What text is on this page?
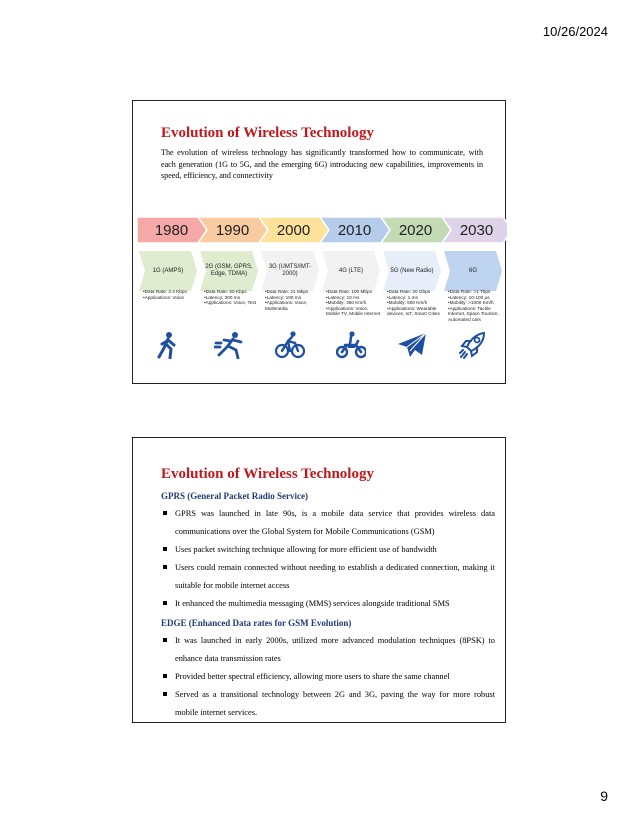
10/26/2024
Evolution of Wireless Technology
The evolution of wireless technology has significantly transformed how to communicate, with each generation (1G to 5G, and the emerging 6G) introducing new capabilities, improvements in speed, efficiency, and connectivity
1980 1990 2000 2010 2020 2030
1G (AMPS)
2G (GSM, GPRS, Edge, TDMA)
3G (UMTS/IMT-2000)
4G (LTE)	5G (New Radio)	6G
•Data Rate: 2.4 Kbps
•Applications: Voice
•Data Rate: 50 Kbps
•Latency: 300 ms
•Applications: Voice, Text
•Data Rate: 21 Mbps
•Latency: 100 ms
•Applications: Voice, Multimedia
•Data Rate: 100 Mbps
•Latency: 10 ms
•Mobility: 350 Km/h
•Applications: Voice, Mobile TV, Mobile Internet
•Data Rate: 20 Gbps
•Latency: 1 ms
•Mobility: 500 Km/h
•Applications: Wearable devices, IoT, Smart Cities
•Data Rate: >1 Tbps
•Latency: 10-100 μs
•Mobility: >1000 Km/h
•Applications: Tactile Internet, Space Tourism, Automated cars
Evolution of Wireless Technology
GPRS (General Packet Radio Service)
GPRS was launched in late 90s, is a mobile data service that provides wireless data communications over the Global System for Mobile Communications (GSM)
Uses packet switching technique allowing for more efficient use of bandwidth
Users could remain connected without needing to establish a dedicated connection, making it suitable for mobile internet access
It enhanced the multimedia messaging (MMS) services alongside traditional SMS
EDGE (Enhanced Data rates for GSM Evolution)
It was launched in early 2000s, utilized more advanced modulation techniques (8PSK) to enhance data transmission rates
Provided better spectral efficiency, allowing more users to share the same channel
Served as a transitional technology between 2G and 3G, paving the way for more robust mobile internet services.
9
